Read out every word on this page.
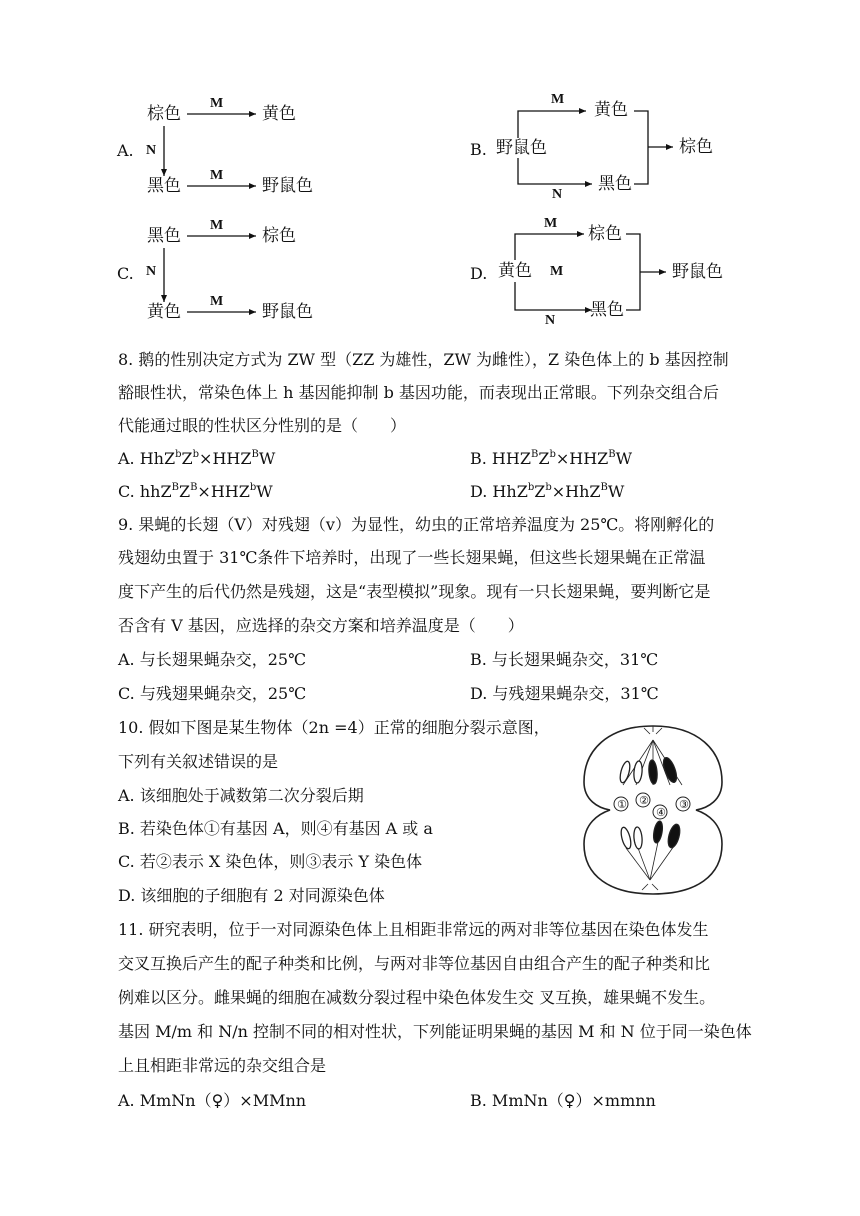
A.
棕色
M
黄色
N
黑色
M
野鼠色
C.
黑色
M
棕色
N
黄色
M
野鼠色
B. 野鼠色
M
黄色
N
黑色
棕色
D. 黄色 M
M
棕色
N
黑色
野鼠色
8. 鹅的性别决定方式为 ZW 型（ZZ 为雄性，ZW 为雌性），Z 染色体上的 b 基因控制
豁眼性状，常染色体上 h 基因能抑制 b 基因功能，而表现出正常眼。下列杂交组合后
代能通过眼的性状区分性别的是（　　）
A. $HhZ^bZ^b\times HHZ^BW$	B. $HHZ^BZ^b\times HHZ^BW$
C. $hhZ^BZ^B\times HHZ^bW$	D. $HhZ^bZ^b\times HhZ^BW$
9. 果蝇的长翅（V）对残翅（v）为显性，幼虫的正常培养温度为 25℃。将刚孵化的
残翅幼虫置于 31℃条件下培养时，出现了一些长翅果蝇，但这些长翅果蝇在正常温
度下产生的后代仍然是残翅，这是“表型模拟”现象。现有一只长翅果蝇，要判断它是
否含有 V 基因，应选择的杂交方案和培养温度是（　　）
A. 与长翅果蝇杂交，25℃	B. 与长翅果蝇杂交，31℃
C. 与残翅果蝇杂交，25℃	D. 与残翅果蝇杂交，31℃
10. 假如下图是某生物体（2n =4）正常的细胞分裂示意图，
下列有关叙述错误的是
A. 该细胞处于减数第二次分裂后期
B. 若染色体①有基因 A，则④有基因 A 或 a
C. 若②表示 X 染色体，则③表示 Y 染色体
D. 该细胞的子细胞有 2 对同源染色体
① ②
④
③
11. 研究表明，位于一对同源染色体上且相距非常远的两对非等位基因在染色体发生
交叉互换后产生的配子种类和比例，与两对非等位基因自由组合产生的配子种类和比
例难以区分。雌果蝇的细胞在减数分裂过程中染色体发生交 叉互换，雄果蝇不发生。
基因 M/m 和 N/n 控制不同的相对性状，下列能证明果蝇的基因 M 和 N 位于同一染色体
上且相距非常远的杂交组合是
A. MmNn（♀）×MMnn	B. MmNn（♀）×mmnn
